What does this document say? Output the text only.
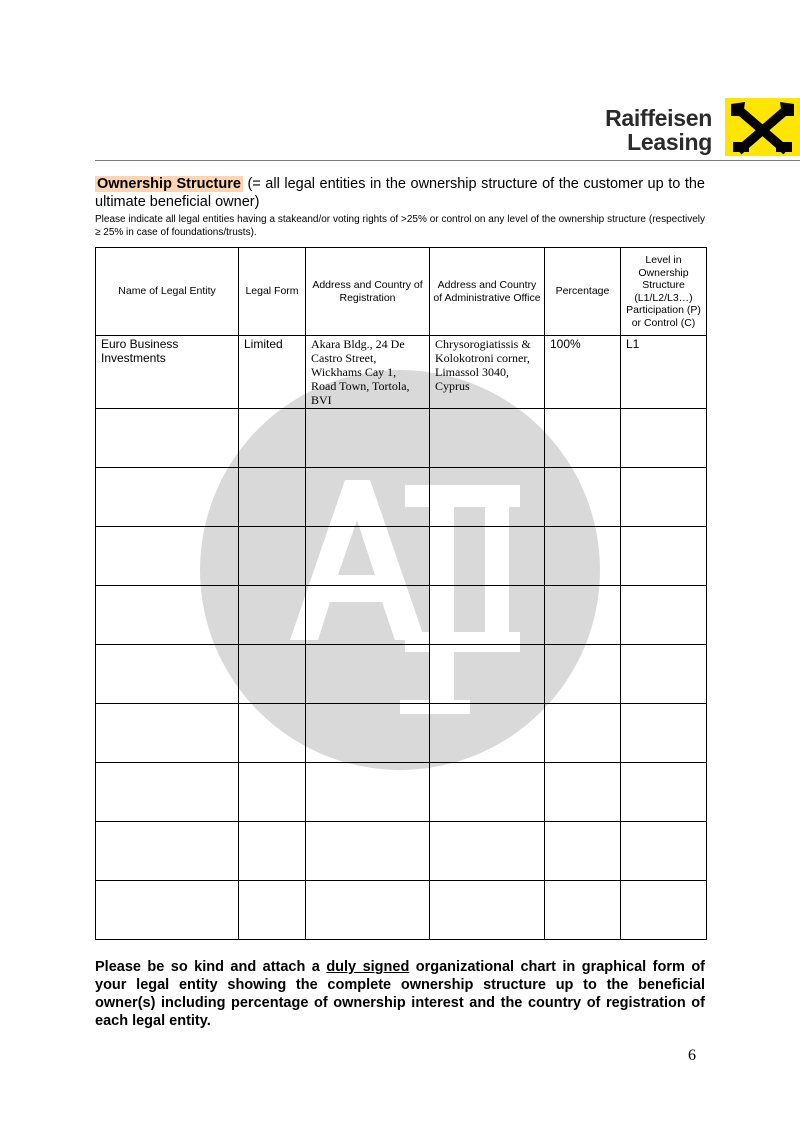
Raiffeisen
Leasing
Ownership Structure (= all legal entities in the ownership structure of the customer up to the ultimate beneficial owner)
Please indicate all legal entities having a stakeand/or voting rights of >25% or control on any level of the ownership structure (respectively ≥ 25% in case of foundations/trusts).
Name of Legal Entity	Legal Form	Address and Country of Registration	Address and Country of Administrative Office	Percentage	Level in Ownership Structure (L1/L2/L3…) Participation (P) or Control (C)
Euro Business Investments	Limited	Akara Bldg., 24 De Castro Street, Wickhams Cay 1, Road Town, Tortola, BVI	Chrysorogiatissis & Kolokotroni corner, Limassol 3040, Cyprus	100%	L1

Please be so kind and attach a duly signed organizational chart in graphical form of your legal entity showing the complete ownership structure up to the beneficial owner(s) including percentage of ownership interest and the country of registration of each legal entity.
6
